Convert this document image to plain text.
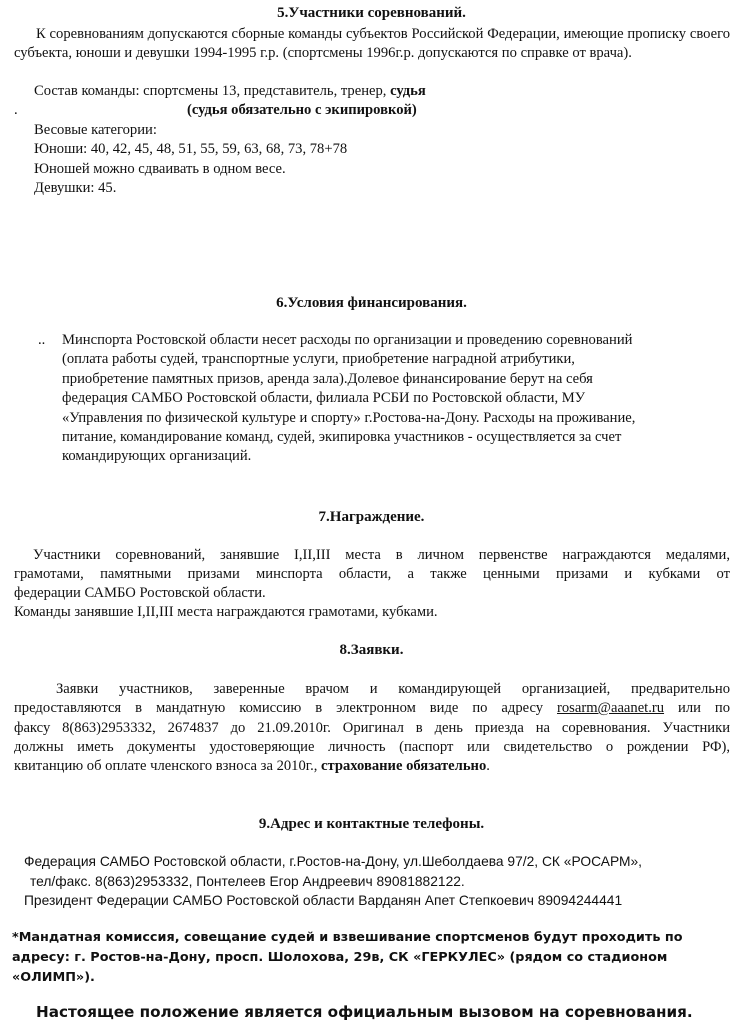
5.Участники соревнований.
К соревнованиям допускаются сборные команды субъектов Российской Федерации, имеющие прописку своего субъекта, юноши и девушки 1994-1995 г.р. (спортсмены 1996г.р. допускаются по справке от врача).
Состав команды: спортсмены 13, представитель, тренер, судья
.	(судья обязательно с экипировкой)
Весовые категории:
Юноши: 40, 42, 45, 48, 51, 55, 59, 63, 68, 73, 78+78
Юношей можно сдваивать в одном весе.
Девушки: 45.
6.Условия финансирования.
.. Минспорта Ростовской области несет расходы по организации и проведению соревнований
(оплата работы судей, транспортные услуги, приобретение наградной атрибутики,
приобретение памятных призов, аренда зала).Долевое финансирование берут на себя
федерация САМБО Ростовской области, филиала РСБИ по Ростовской области, МУ
«Управления по физической культуре и спорту» г.Ростова-на-Дону. Расходы на проживание,
питание, командирование команд, судей, экипировка участников - осуществляется за счет
командирующих организаций.
7.Награждение.
Участники соревнований, занявшие I,II,III места в личном первенстве награждаются медалями,
грамотами, памятными призами минспорта области, а также ценными призами и кубками от
федерации САМБО Ростовской области.
Команды занявшие I,II,III места награждаются грамотами, кубками.
8.Заявки.
Заявки участников, заверенные врачом и командирующей организацией, предварительно
предоставляются в мандатную комиссию в электронном виде по адресу rosarm@aaanet.ru или по
факсу 8(863)2953332, 2674837 до 21.09.2010г. Оригинал в день приезда на соревнования. Участники
должны иметь документы удостоверяющие личность (паспорт или свидетельство о рождении РФ),
квитанцию об оплате членского взноса за 2010г., страхование обязательно.
9.Адрес и контактные телефоны.
Федерация САМБО Ростовской области, г.Ростов-на-Дону, ул.Шеболдаева 97/2, СК «РОСАРМ»,
тел/факс. 8(863)2953332, Понтелеев Егор Андреевич 89081882122.
Президент Федерации САМБО Ростовской области Варданян Апет Степкоевич 89094244441
*Мандатная комиссия, совещание судей и взвешивание спортсменов будут проходить по
адресу: г. Ростов-на-Дону, просп. Шолохова, 29в, СК «ГЕРКУЛЕС» (рядом со стадионом
«ОЛИМП»).
Настоящее положение является официальным вызовом на соревнования.
